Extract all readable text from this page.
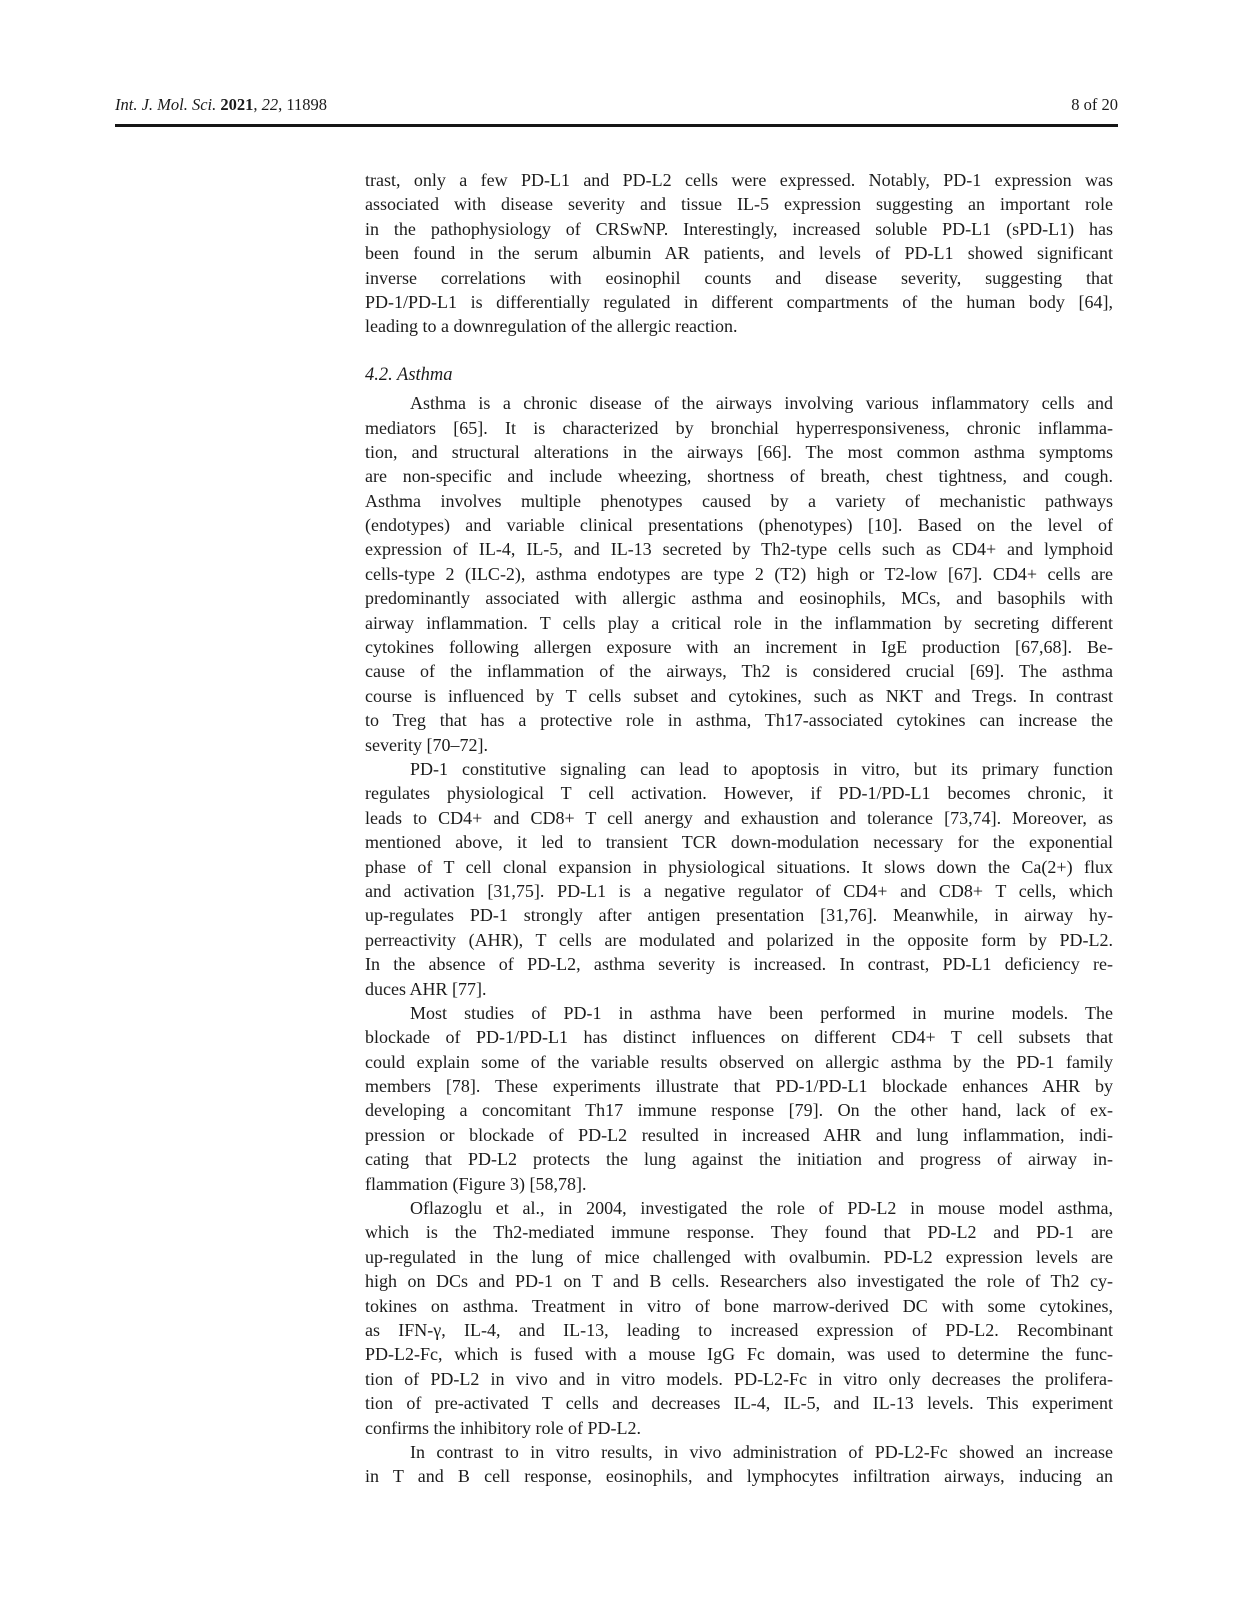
Int. J. Mol. Sci. 2021, 22, 11898	8 of 20
trast, only a few PD-L1 and PD-L2 cells were expressed. Notably, PD-1 expression was
associated with disease severity and tissue IL-5 expression suggesting an important role
in the pathophysiology of CRSwNP. Interestingly, increased soluble PD-L1 (sPD-L1) has
been found in the serum albumin AR patients, and levels of PD-L1 showed significant
inverse correlations with eosinophil counts and disease severity, suggesting that
PD-1/PD-L1 is differentially regulated in different compartments of the human body [64],
leading to a downregulation of the allergic reaction.
4.2. Asthma
Asthma is a chronic disease of the airways involving various inflammatory cells and
mediators [65]. It is characterized by bronchial hyperresponsiveness, chronic inflamma-
tion, and structural alterations in the airways [66]. The most common asthma symptoms
are non-specific and include wheezing, shortness of breath, chest tightness, and cough.
Asthma involves multiple phenotypes caused by a variety of mechanistic pathways
(endotypes) and variable clinical presentations (phenotypes) [10]. Based on the level of
expression of IL-4, IL-5, and IL-13 secreted by Th2-type cells such as CD4+ and lymphoid
cells-type 2 (ILC-2), asthma endotypes are type 2 (T2) high or T2-low [67]. CD4+ cells are
predominantly associated with allergic asthma and eosinophils, MCs, and basophils with
airway inflammation. T cells play a critical role in the inflammation by secreting different
cytokines following allergen exposure with an increment in IgE production [67,68]. Be-
cause of the inflammation of the airways, Th2 is considered crucial [69]. The asthma
course is influenced by T cells subset and cytokines, such as NKT and Tregs. In contrast
to Treg that has a protective role in asthma, Th17-associated cytokines can increase the
severity [70–72].
PD-1 constitutive signaling can lead to apoptosis in vitro, but its primary function
regulates physiological T cell activation. However, if PD-1/PD-L1 becomes chronic, it
leads to CD4+ and CD8+ T cell anergy and exhaustion and tolerance [73,74]. Moreover, as
mentioned above, it led to transient TCR down-modulation necessary for the exponential
phase of T cell clonal expansion in physiological situations. It slows down the Ca(2+) flux
and activation [31,75]. PD-L1 is a negative regulator of CD4+ and CD8+ T cells, which
up-regulates PD-1 strongly after antigen presentation [31,76]. Meanwhile, in airway hy-
perreactivity (AHR), T cells are modulated and polarized in the opposite form by PD-L2.
In the absence of PD-L2, asthma severity is increased. In contrast, PD-L1 deficiency re-
duces AHR [77].
Most studies of PD-1 in asthma have been performed in murine models. The
blockade of PD-1/PD-L1 has distinct influences on different CD4+ T cell subsets that
could explain some of the variable results observed on allergic asthma by the PD-1 family
members [78]. These experiments illustrate that PD-1/PD-L1 blockade enhances AHR by
developing a concomitant Th17 immune response [79]. On the other hand, lack of ex-
pression or blockade of PD-L2 resulted in increased AHR and lung inflammation, indi-
cating that PD-L2 protects the lung against the initiation and progress of airway in-
flammation (Figure 3) [58,78].
Oflazoglu et al., in 2004, investigated the role of PD-L2 in mouse model asthma,
which is the Th2-mediated immune response. They found that PD-L2 and PD-1 are
up-regulated in the lung of mice challenged with ovalbumin. PD-L2 expression levels are
high on DCs and PD-1 on T and B cells. Researchers also investigated the role of Th2 cy-
tokines on asthma. Treatment in vitro of bone marrow-derived DC with some cytokines,
as IFN-γ, IL-4, and IL-13, leading to increased expression of PD-L2. Recombinant
PD-L2-Fc, which is fused with a mouse IgG Fc domain, was used to determine the func-
tion of PD-L2 in vivo and in vitro models. PD-L2-Fc in vitro only decreases the prolifera-
tion of pre-activated T cells and decreases IL-4, IL-5, and IL-13 levels. This experiment
confirms the inhibitory role of PD-L2.
In contrast to in vitro results, in vivo administration of PD-L2-Fc showed an increase
in T and B cell response, eosinophils, and lymphocytes infiltration airways, inducing an
